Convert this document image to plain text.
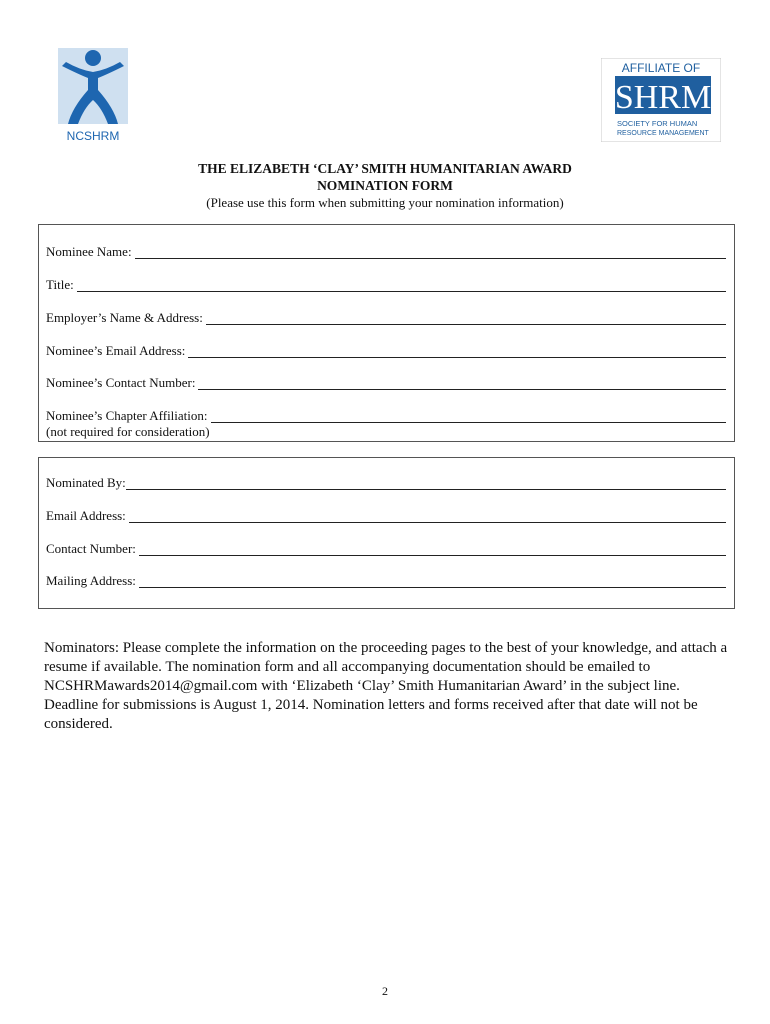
NCSHRM
AFFILIATE OF
SHRM
SOCIETY FOR HUMAN
RESOURCE MANAGEMENT
THE ELIZABETH ‘CLAY’ SMITH HUMANITARIAN AWARD
NOMINATION FORM
(Please use this form when submitting your nomination information)
Nominee Name:
Title:
Employer’s Name & Address:
Nominee’s Email Address:
Nominee’s Contact Number:
Nominee’s Chapter Affiliation:
(not required for consideration)
Nominated By:
Email Address:
Contact Number:
Mailing Address:
Nominators: Please complete the information on the proceeding pages to the best of your knowledge, and attach a resume if available. The nomination form and all accompanying documentation should be emailed to NCSHRMawards2014@gmail.com with ‘Elizabeth ‘Clay’ Smith Humanitarian Award’ in the subject line. Deadline for submissions is August 1, 2014. Nomination letters and forms received after that date will not be considered.
2
